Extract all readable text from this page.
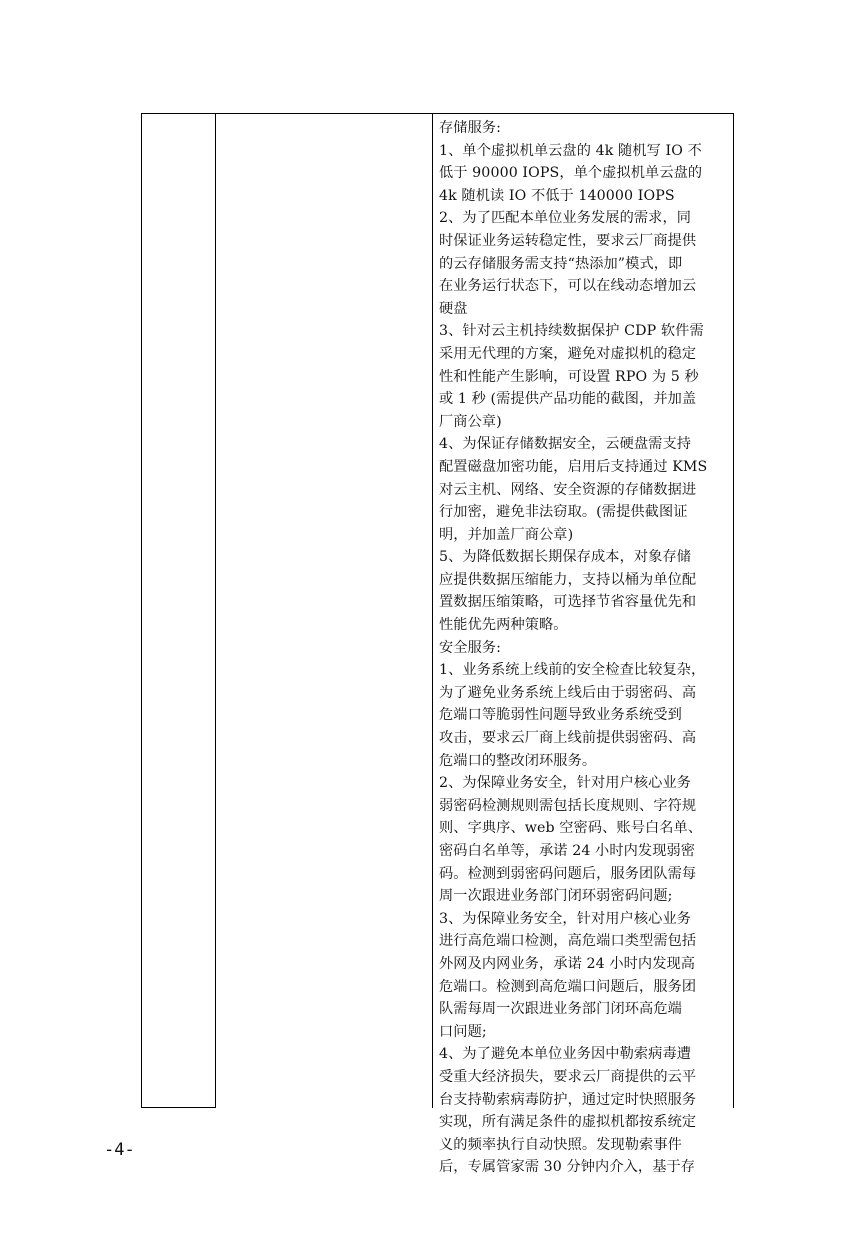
存储服务:
1、单个虚拟机单云盘的 4k 随机写 IO 不
低于 90000 IOPS，单个虚拟机单云盘的
4k 随机读 IO 不低于 140000 IOPS
2、为了匹配本单位业务发展的需求，同
时保证业务运转稳定性，要求云厂商提供
的云存储服务需支持“热添加”模式，即
在业务运行状态下，可以在线动态增加云
硬盘
3、针对云主机持续数据保护 CDP 软件需
采用无代理的方案，避免对虚拟机的稳定
性和性能产生影响，可设置 RPO 为 5 秒
或 1 秒 (需提供产品功能的截图，并加盖
厂商公章)
4、为保证存储数据安全，云硬盘需支持
配置磁盘加密功能，启用后支持通过 KMS
对云主机、网络、安全资源的存储数据进
行加密，避免非法窃取。(需提供截图证
明，并加盖厂商公章)
5、为降低数据长期保存成本，对象存储
应提供数据压缩能力，支持以桶为单位配
置数据压缩策略，可选择节省容量优先和
性能优先两种策略。
安全服务:
1、业务系统上线前的安全检查比较复杂，
为了避免业务系统上线后由于弱密码、高
危端口等脆弱性问题导致业务系统受到
攻击，要求云厂商上线前提供弱密码、高
危端口的整改闭环服务。
2、为保障业务安全，针对用户核心业务
弱密码检测规则需包括长度规则、字符规
则、字典序、web 空密码、账号白名单、
密码白名单等，承诺 24 小时内发现弱密
码。检测到弱密码问题后，服务团队需每
周一次跟进业务部门闭环弱密码问题;
3、为保障业务安全，针对用户核心业务
进行高危端口检测，高危端口类型需包括
外网及内网业务，承诺 24 小时内发现高
危端口。检测到高危端口问题后，服务团
队需每周一次跟进业务部门闭环高危端
口问题;
4、为了避免本单位业务因中勒索病毒遭
受重大经济损失，要求云厂商提供的云平
台支持勒索病毒防护，通过定时快照服务
实现，所有满足条件的虚拟机都按系统定
义的频率执行自动快照。发现勒索事件
后，专属管家需 30 分钟内介入，基于存
-4-
